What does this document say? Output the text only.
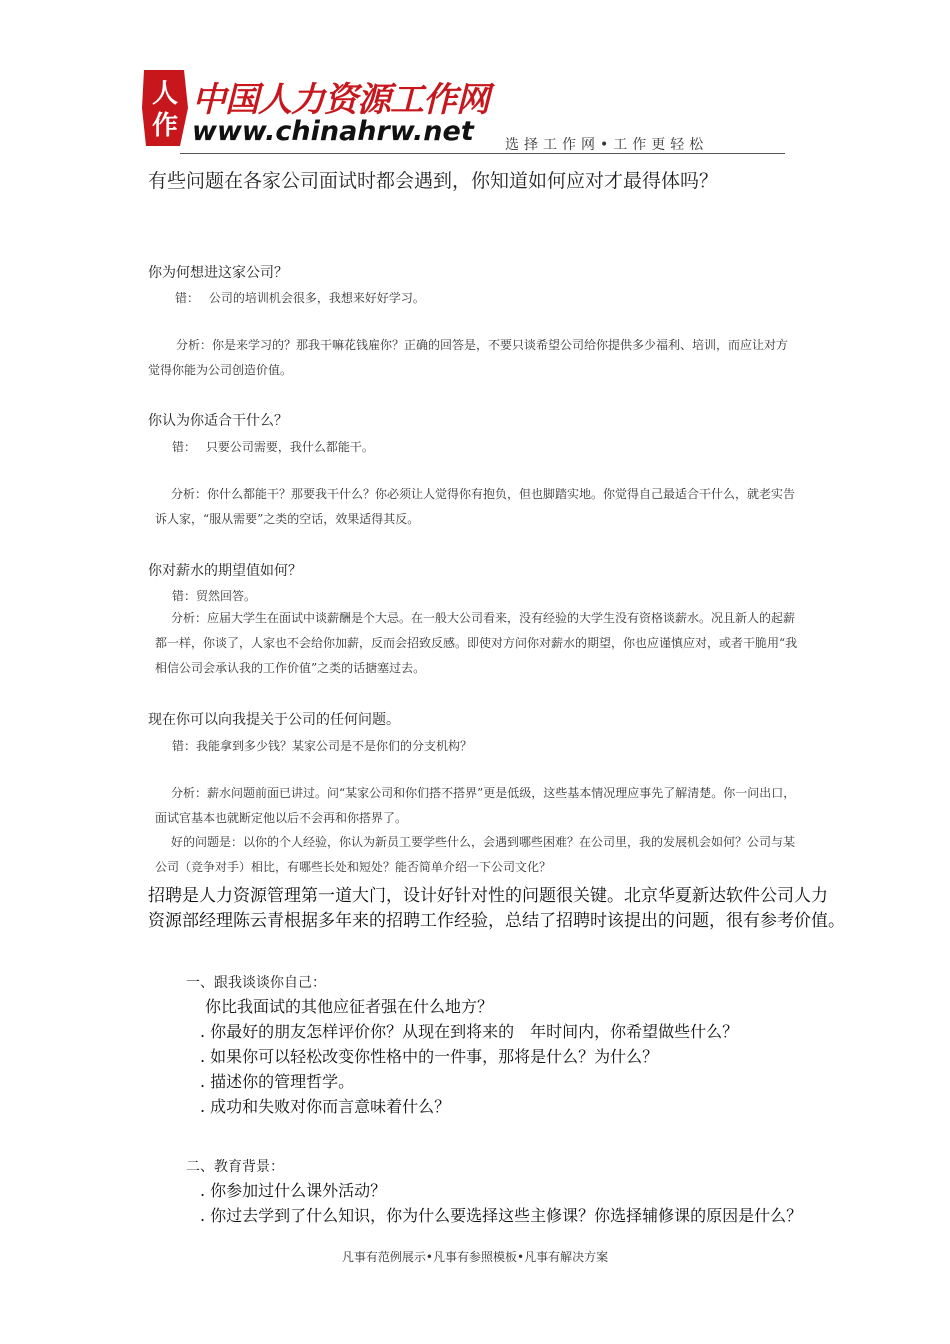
人
作
中国人力资源工作网
www.chinahrw.net 选择工作网•工作更轻松
有些问题在各家公司面试时都会遇到，你知道如何应对才最得体吗？
你为何想进这家公司？
错：　 公司的培训机会很多，我想来好好学习。
分析：你是来学习的？那我干嘛花钱雇你？正确的回答是，不要只谈希望公司给你提供多少福利、培训，而应让对方
觉得你能为公司创造价值。
你认为你适合干什么？
错：　 只要公司需要，我什么都能干。
分析：你什么都能干？那要我干什么？你必须让人觉得你有抱负，但也脚踏实地。你觉得自己最适合干什么，就老实告
诉人家，“服从需要”之类的空话，效果适得其反。
你对薪水的期望值如何？
错：贸然回答。
分析：应届大学生在面试中谈薪酬是个大忌。在一般大公司看来，没有经验的大学生没有资格谈薪水。况且新人的起薪
都一样，你谈了，人家也不会给你加薪，反而会招致反感。即使对方问你对薪水的期望，你也应谨慎应对，或者干脆用“我
相信公司会承认我的工作价值”之类的话搪塞过去。
现在你可以向我提关于公司的任何问题。
错：我能拿到多少钱？某家公司是不是你们的分支机构？
分析：薪水问题前面已讲过。问“某家公司和你们搭不搭界”更是低级，这些基本情况理应事先了解清楚。你一问出口，
面试官基本也就断定他以后不会再和你搭界了。
好的问题是：以你的个人经验，你认为新员工要学些什么，会遇到哪些困难？在公司里，我的发展机会如何？公司与某
公司（竞争对手）相比，有哪些长处和短处？能否简单介绍一下公司文化？
招聘是人力资源管理第一道大门，设计好针对性的问题很关键。北京华夏新达软件公司人力
资源部经理陈云青根据多年来的招聘工作经验，总结了招聘时该提出的问题，很有参考价值。
一、跟我谈谈你自己：
你比我面试的其他应征者强在什么地方？
. 你最好的朋友怎样评价你？从现在到将来的　年时间内，你希望做些什么？
. 如果你可以轻松改变你性格中的一件事，那将是什么？为什么？
. 描述你的管理哲学。
. 成功和失败对你而言意味着什么？
二、教育背景：
. 你参加过什么课外活动？
. 你过去学到了什么知识，你为什么要选择这些主修课？你选择辅修课的原因是什么？
凡事有范例展示•凡事有参照模板•凡事有解决方案
